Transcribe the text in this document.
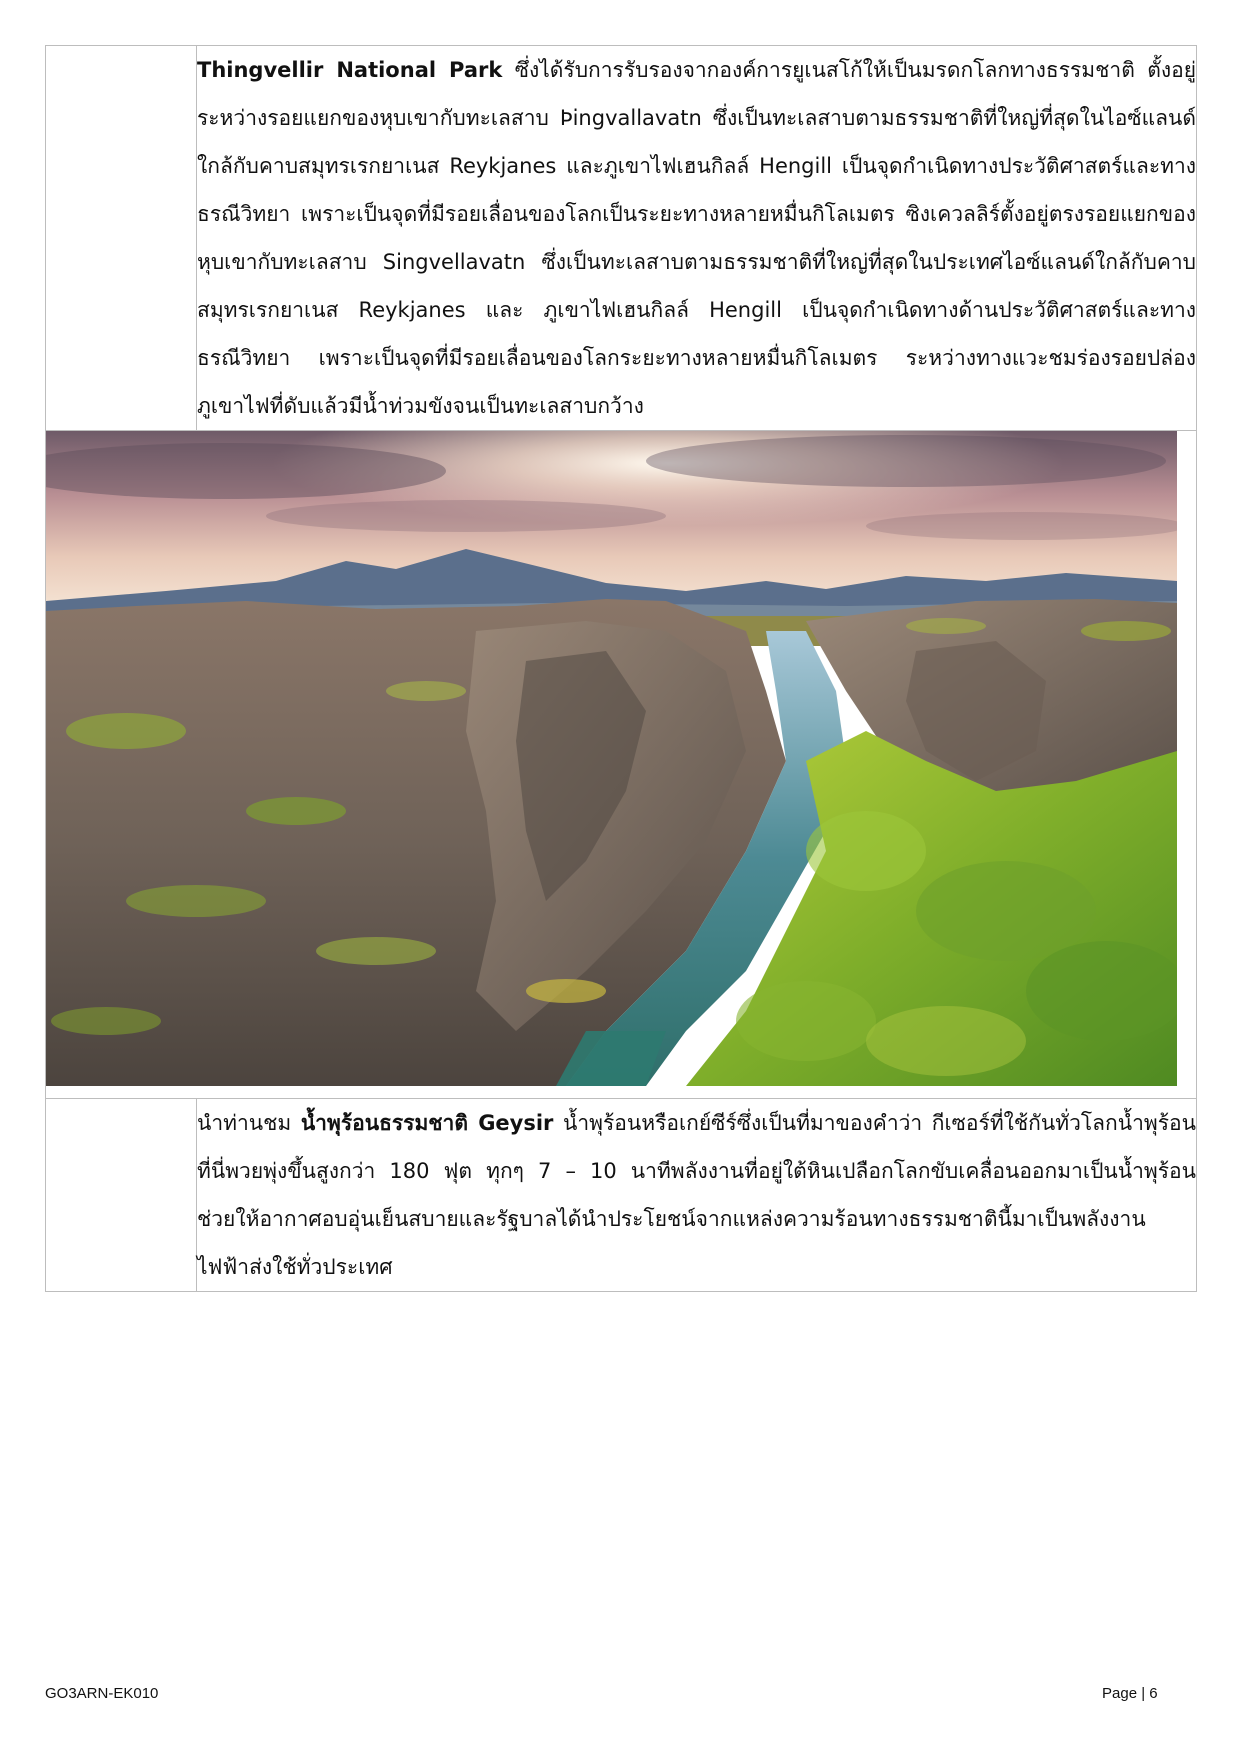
	Thingvellir National Park ซึ่งได้รับการรับรองจากองค์การยูเนสโก้ให้เป็นมรดกโลกทางธรรมชาติ ตั้งอยู่ระหว่างรอยแยกของหุบเขากับทะเลสาบ Þingvallavatn ซึ่งเป็นทะเลสาบตามธรรมชาติที่ใหญ่ที่สุดในไอซ์แลนด์ ใกล้กับคาบสมุทรเรกยาเนส Reykjanes และภูเขาไฟเฮนกิลล์ Hengill เป็นจุดกำเนิดทางประวัติศาสตร์และทางธรณีวิทยา เพราะเป็นจุดที่มีรอยเลื่อนของโลกเป็นระยะทางหลายหมื่นกิโลเมตร ซิงเควลลิร์ตั้งอยู่ตรงรอยแยกของหุบเขากับทะเลสาบ Singvellavatn ซึ่งเป็นทะเลสาบตามธรรมชาติที่ใหญ่ที่สุดในประเทศไอซ์แลนด์ใกล้กับคาบสมุทรเรกยาเนส Reykjanes และ ภูเขาไฟเฮนกิลล์ Hengill เป็นจุดกำเนิดทางด้านประวัติศาสตร์และทางธรณีวิทยา เพราะเป็นจุดที่มีรอยเลื่อนของโลกระยะทางหลายหมื่นกิโลเมตร ระหว่างทางแวะชมร่องรอยปล่องภูเขาไฟที่ดับแล้วมีน้ำท่วมขังจนเป็นทะเลสาบกว้าง

	นำท่านชม น้ำพุร้อนธรรมชาติ Geysir น้ำพุร้อนหรือเกย์ซีร์ซึ่งเป็นที่มาของคำว่า กีเซอร์ที่ใช้กันทั่วโลกน้ำพุร้อนที่นี่พวยพุ่งขึ้นสูงกว่า 180 ฟุต ทุกๆ 7 – 10 นาทีพลังงานที่อยู่ใต้หินเปลือกโลกขับเคลื่อนออกมาเป็นน้ำพุร้อน ช่วยให้อากาศอบอุ่นเย็นสบายและรัฐบาลได้นำประโยชน์จากแหล่งความร้อนทางธรรมชาตินี้มาเป็นพลังงานไฟฟ้าส่งใช้ทั่วประเทศ

GO3ARN-EK010	Page | 6
